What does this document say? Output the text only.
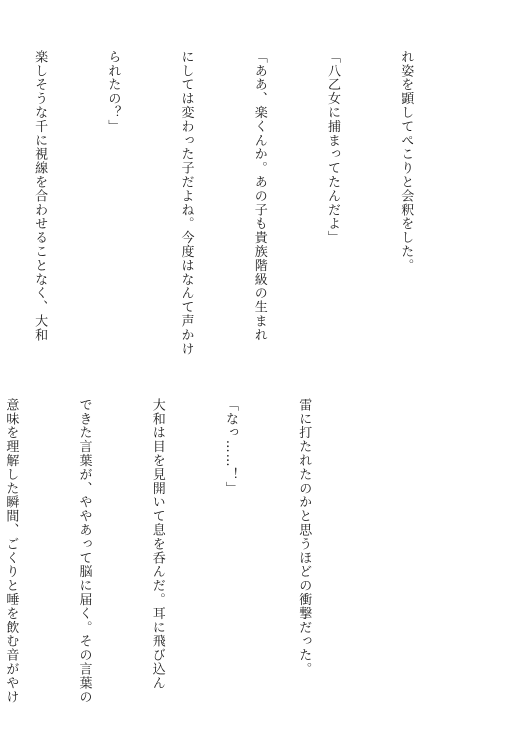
れ姿を顕してぺこりと会釈をした。

「八乙女に捕まってたんだよ」

「ああ、楽くんか。あの子も貴族階級の生まれ

にしては変わった子だよね。今度はなんて声かけ

られたの？」

楽しそうな千に視線を合わせることなく、大和

雷に打たれたのかと思うほどの衝撃だった。

「なっ……！」

大和は目を見開いて息を呑んだ。耳に飛び込ん

できた言葉が、ややあって脳に届く。その言葉の

意味を理解した瞬間、ごくりと唾を飲む音がやけ
